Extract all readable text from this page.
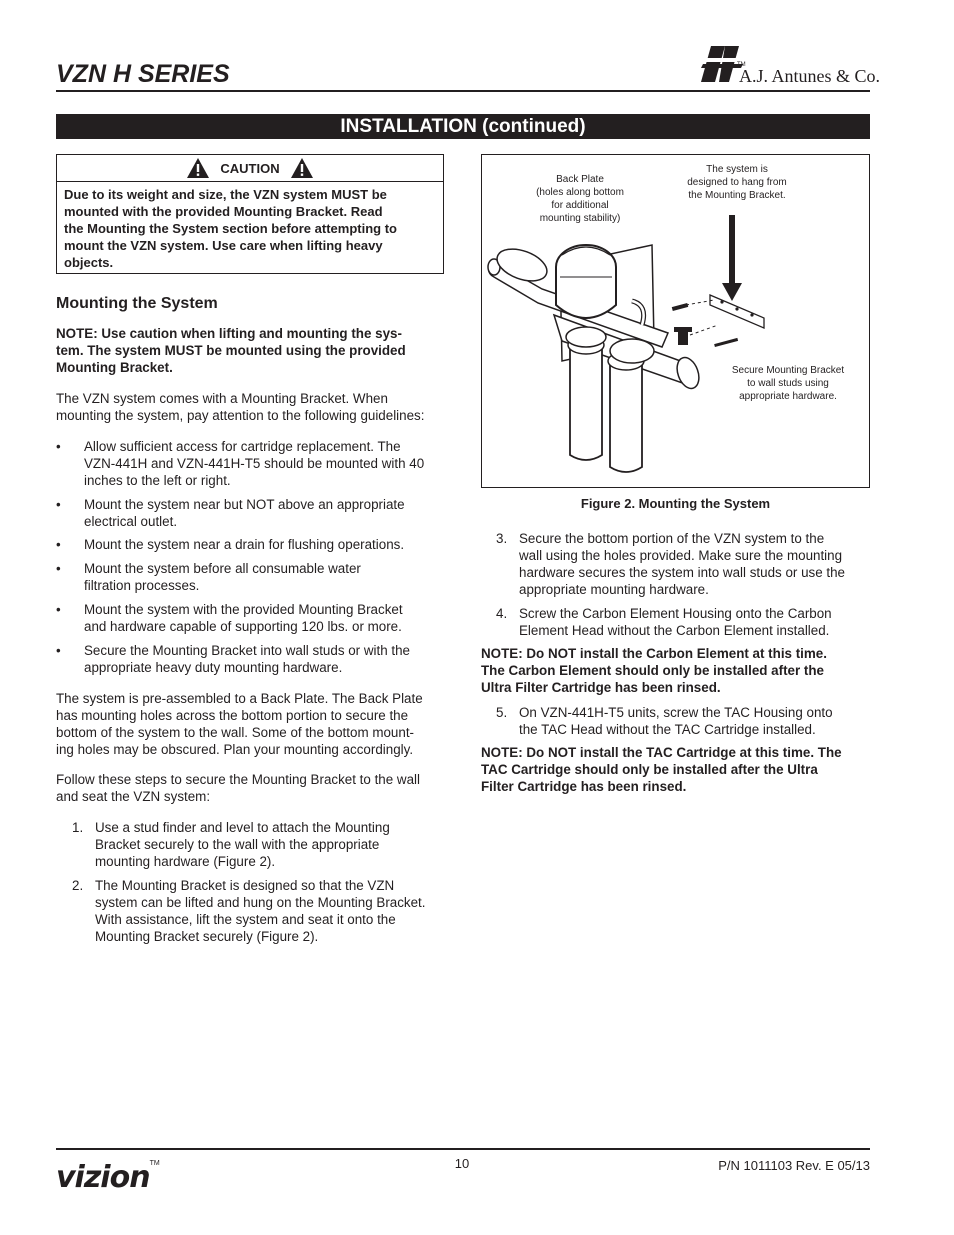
VZN H SERIES	TM
A.J. Antunes & Co.
INSTALLATION (continued)
CAUTION
Due to its weight and size, the VZN system MUST be
mounted with the provided Mounting Bracket. Read
the Mounting the System section before attempting to
mount the VZN system. Use care when lifting heavy
objects.
Mounting the System
NOTE: Use caution when lifting and mounting the sys-
tem. The system MUST be mounted using the provided
Mounting Bracket.
The VZN system comes with a Mounting Bracket. When
mounting the system, pay attention to the following guidelines:
• Allow sufficient access for cartridge replacement. The
VZN-441H and VZN-441H-T5 should be mounted with 40
inches to the left or right.
• Mount the system near but NOT above an appropriate
electrical outlet.
• Mount the system near a drain for flushing operations.
• Mount the system before all consumable water
filtration processes.
• Mount the system with the provided Mounting Bracket
and hardware capable of supporting 120 lbs. or more.
• Secure the Mounting Bracket into wall studs or with the
appropriate heavy duty mounting hardware.
The system is pre-assembled to a Back Plate. The Back Plate
has mounting holes across the bottom portion to secure the
bottom of the system to the wall. Some of the bottom mount-
ing holes may be obscured. Plan your mounting accordingly.
Follow these steps to secure the Mounting Bracket to the wall
and seat the VZN system:
1. Use a stud finder and level to attach the Mounting
Bracket securely to the wall with the appropriate
mounting hardware (Figure 2).
2. The Mounting Bracket is designed so that the VZN
system can be lifted and hung on the Mounting Bracket.
With assistance, lift the system and seat it onto the
Mounting Bracket securely (Figure 2).
Back Plate
(holes along bottom
for additional
mounting stability)
The system is
designed to hang from
the Mounting Bracket.
Secure Mounting Bracket
to wall studs using
appropriate hardware.
Figure 2. Mounting the System
3. Secure the bottom portion of the VZN system to the
wall using the holes provided. Make sure the mounting
hardware secures the system into wall studs or use the
appropriate mounting hardware.
4. Screw the Carbon Element Housing onto the Carbon
Element Head without the Carbon Element installed.
NOTE: Do NOT install the Carbon Element at this time.
The Carbon Element should only be installed after the
Ultra Filter Cartridge has been rinsed.
5. On VZN-441H-T5 units, screw the TAC Housing onto
the TAC Head without the TAC Cartridge installed.
NOTE: Do NOT install the TAC Cartridge at this time. The
TAC Cartridge should only be installed after the Ultra
Filter Cartridge has been rinsed.
vizion™	10	P/N 1011103 Rev. E 05/13
